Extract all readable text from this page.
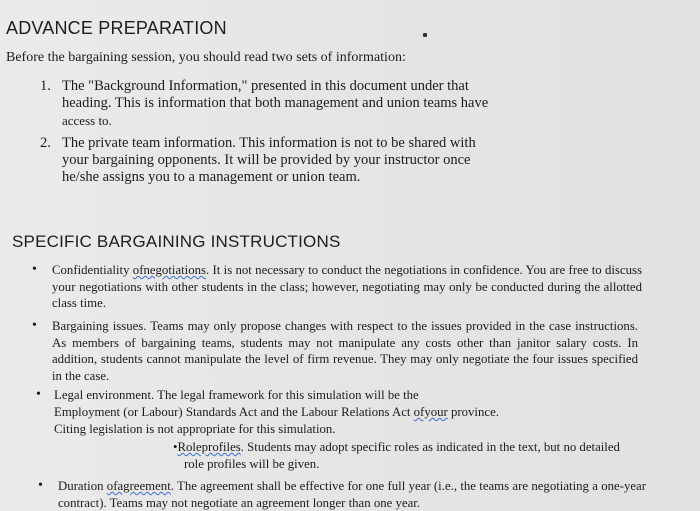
ADVANCE PREPARATION

Before the bargaining session, you should read two sets of information:

1. The "Background Information," presented in this document under that
heading. This is information that both management and union teams have
access to.
2. The private team information. This information is not to be shared with
your bargaining opponents. It will be provided by your instructor once
he/she assigns you to a management or union team.
SPECIFIC BARGAINING INSTRUCTIONS
• Confidentiality ofnegotiations. It is not necessary to conduct the negotiations in confidence. You are free to discuss your negotiations with other students in the class; however, negotiating may only be conducted during the allotted class time.
• Bargaining issues. Teams may only propose changes with respect to the issues provided in the case instructions. As members of bargaining teams, students may not manipulate any costs other than janitor salary costs. In addition, students cannot manipulate the level of firm revenue. They may only negotiate the four issues specified in the case.
• Legal environment. The legal framework for this simulation will be the
Employment (or Labour) Standards Act and the Labour Relations Act ofyour province.
Citing legislation is not appropriate for this simulation.
•Roleprofiles. Students may adopt specific roles as indicated in the text, but no detailed
role profiles will be given.
• Duration ofagreement. The agreement shall be effective for one full year (i.e., the teams are negotiating a one-year contract). Teams may not negotiate an agreement longer than one year.
